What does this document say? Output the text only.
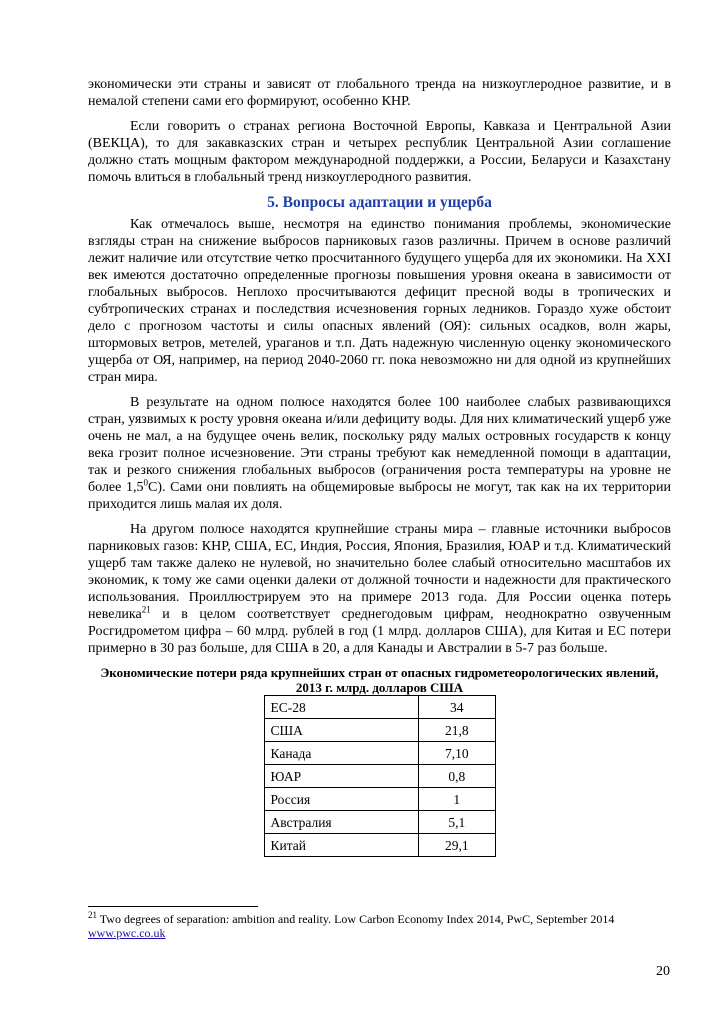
экономически эти страны и зависят от глобального тренда на низкоуглеродное развитие, и в немалой степени сами его формируют, особенно КНР.

Если говорить о странах региона Восточной Европы, Кавказа и Центральной Азии (ВЕКЦА), то для закавказских стран и четырех республик Центральной Азии соглашение должно стать мощным фактором международной поддержки, а России, Беларуси и Казахстану помочь влиться в глобальный тренд низкоуглеродного развития.

5. Вопросы адаптации и ущерба

Как отмечалось выше, несмотря на единство понимания проблемы, экономические взгляды стран на снижение выбросов парниковых газов различны. Причем в основе различий лежит наличие или отсутствие четко просчитанного будущего ущерба для их экономики. На XXI век имеются достаточно определенные прогнозы повышения уровня океана в зависимости от глобальных выбросов. Неплохо просчитываются дефицит пресной воды в тропических и субтропических странах и последствия исчезновения горных ледников. Гораздо хуже обстоит дело с прогнозом частоты и силы опасных явлений (ОЯ): сильных осадков, волн жары, штормовых ветров, метелей, ураганов и т.п. Дать надежную численную оценку экономического ущерба от ОЯ, например, на период 2040-2060 гг. пока невозможно ни для одной из крупнейших стран мира.

В результате на одном полюсе находятся более 100 наиболее слабых развивающихся стран, уязвимых к росту уровня океана и/или дефициту воды. Для них климатический ущерб уже очень не мал, а на будущее очень велик, поскольку ряду малых островных государств к концу века грозит полное исчезновение. Эти страны требуют как немедленной помощи в адаптации, так и резкого снижения глобальных выбросов (ограничения роста температуры на уровне не более $1,5^0С$). Сами они повлиять на общемировые выбросы не могут, так как на их территории приходится лишь малая их доля.

На другом полюсе находятся крупнейшие страны мира – главные источники выбросов парниковых газов: КНР, США, ЕС, Индия, Россия, Япония, Бразилия, ЮАР и т.д. Климатический ущерб там также далеко не нулевой, но значительно более слабый относительно масштабов их экономик, к тому же сами оценки далеки от должной точности и надежности для практического использования. Проиллюстрируем это на примере 2013 года. Для России оценка потерь невелика$^{21}$ и в целом соответствует среднегодовым цифрам, неоднократно озвученным Росгидрометом цифра – 60 млрд. рублей в год (1 млрд. долларов США), для Китая и ЕС потери примерно в 30 раз больше, для США в 20, а для Канады и Австралии в 5-7 раз больше.

Экономические потери ряда крупнейших стран от опасных гидрометеорологических явлений, 2013 г. млрд. долларов США
ЕС-28	34
США	21,8
Канада	7,10
ЮАР	0,8
Россия	1
Австралия	5,1
Китай	29,1
$^{21}$ Two degrees of separation: ambition and reality. Low Carbon Economy Index 2014, PwC, September 2014
www.pwc.co.uk
20
